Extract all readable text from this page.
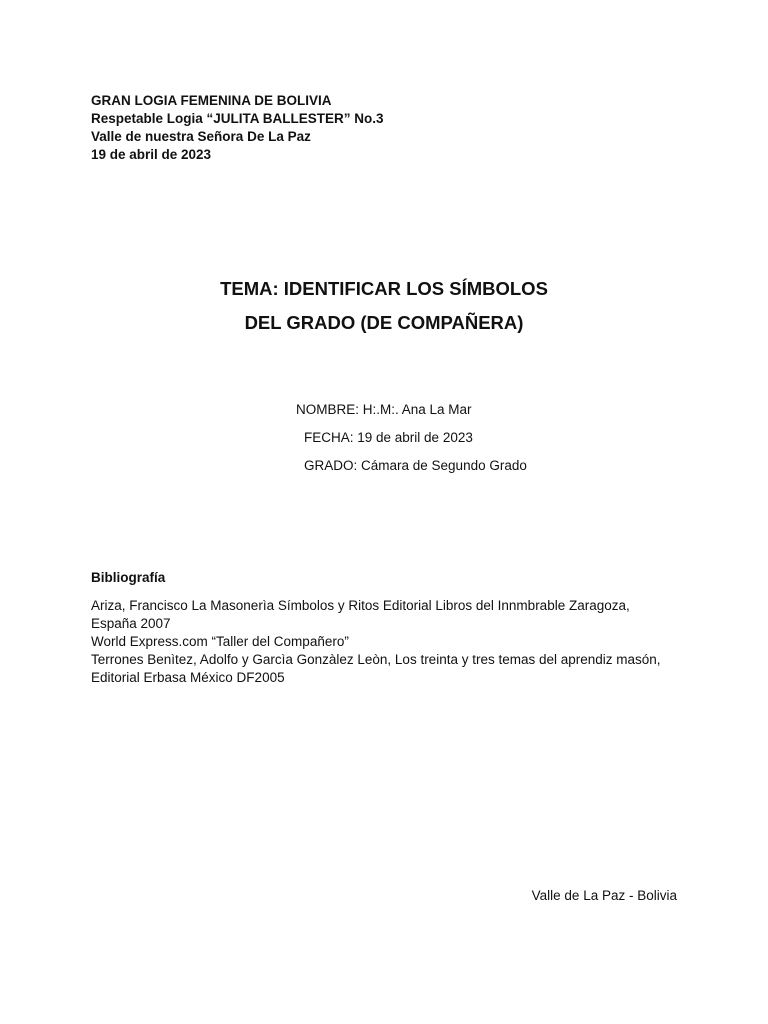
GRAN LOGIA FEMENINA DE BOLIVIA
Respetable Logia “JULITA BALLESTER” No.3
Valle de nuestra Señora De La Paz
19 de abril de 2023
TEMA: IDENTIFICAR LOS SÍMBOLOS
DEL GRADO (DE COMPAÑERA)
NOMBRE: H:.M:. Ana La Mar
FECHA: 19 de abril de 2023
GRADO: Cámara de Segundo Grado
Bibliografía
Ariza, Francisco La Masonerìa Símbolos y Ritos Editorial Libros del Innmbrable Zaragoza,
España 2007
World Express.com “Taller del Compañero”
Terrones Benìtez, Adolfo y Garcìa Gonzàlez Leòn, Los treinta y tres temas del aprendiz masón,
Editorial Erbasa México DF2005
Valle de La Paz - Bolivia
